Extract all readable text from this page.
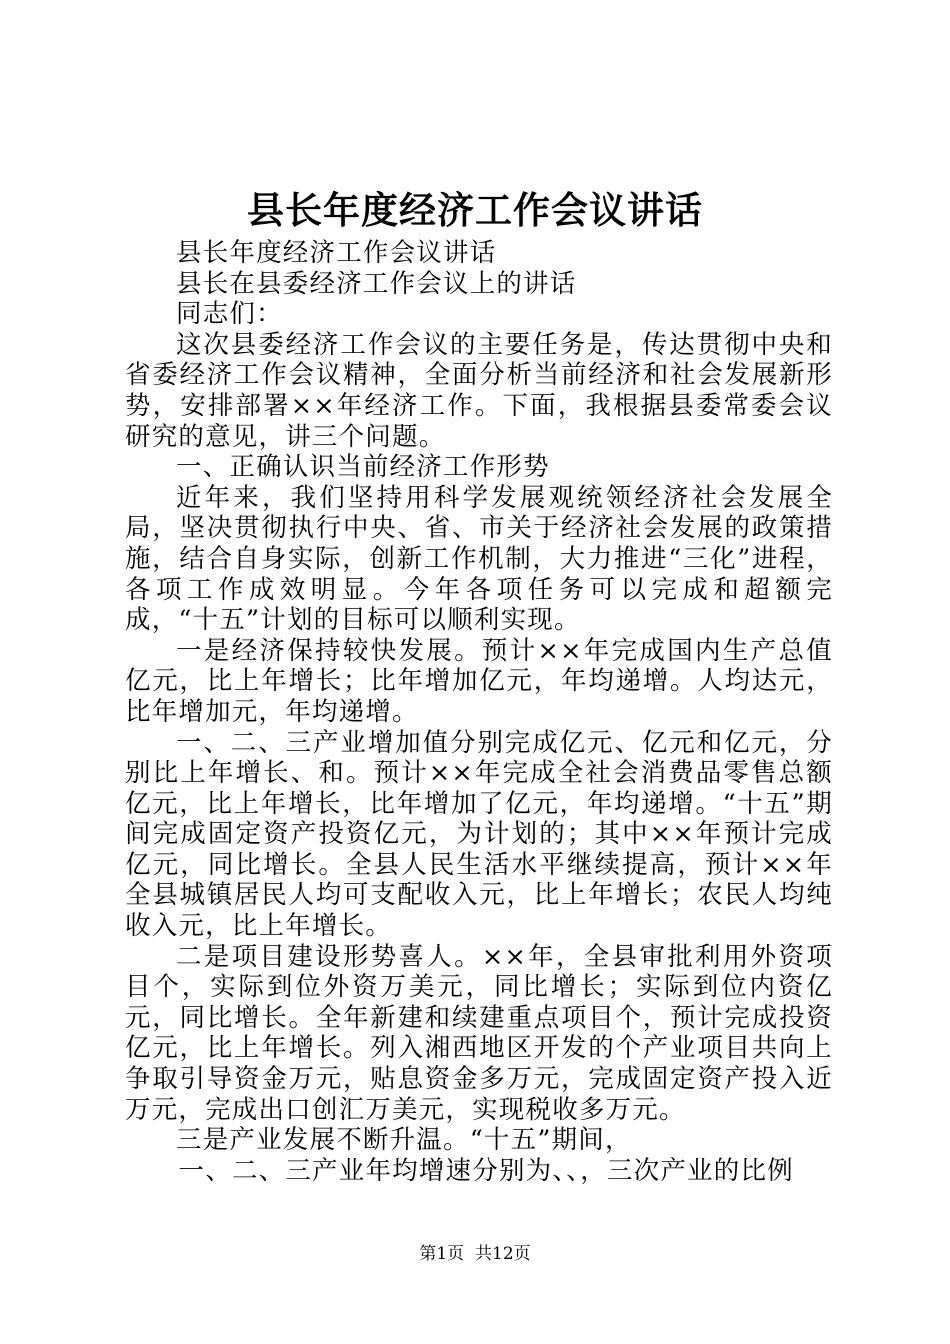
县长年度经济工作会议讲话

县长年度经济工作会议讲话

县长在县委经济工作会议上的讲话

同志们：

这次县委经济工作会议的主要任务是，传达贯彻中央和省委经济工作会议精神，全面分析当前经济和社会发展新形势，安排部署××年经济工作。下面，我根据县委常委会议研究的意见，讲三个问题。

一、正确认识当前经济工作形势

近年来，我们坚持用科学发展观统领经济社会发展全局，坚决贯彻执行中央、省、市关于经济社会发展的政策措施，结合自身实际，创新工作机制，大力推进“三化”进程，各项工作成效明显。今年各项任务可以完成和超额完成，“十五”计划的目标可以顺利实现。

一是经济保持较快发展。预计××年完成国内生产总值亿元，比上年增长；比年增加亿元，年均递增。人均达元，比年增加元，年均递增。

一、二、三产业增加值分别完成亿元、亿元和亿元，分别比上年增长、和。预计××年完成全社会消费品零售总额亿元，比上年增长，比年增加了亿元，年均递增。“十五”期间完成固定资产投资亿元，为计划的；其中××年预计完成亿元，同比增长。全县人民生活水平继续提高，预计××年全县城镇居民人均可支配收入元，比上年增长；农民人均纯收入元，比上年增长。

二是项目建设形势喜人。××年，全县审批利用外资项目个，实际到位外资万美元，同比增长；实际到位内资亿元，同比增长。全年新建和续建重点项目个，预计完成投资亿元，比上年增长。列入湘西地区开发的个产业项目共向上争取引导资金万元，贴息资金多万元，完成固定资产投入近万元，完成出口创汇万美元，实现税收多万元。

三是产业发展不断升温。“十五”期间，

一、二、三产业年均增速分别为、、，三次产业的比例

第1页 共12页
